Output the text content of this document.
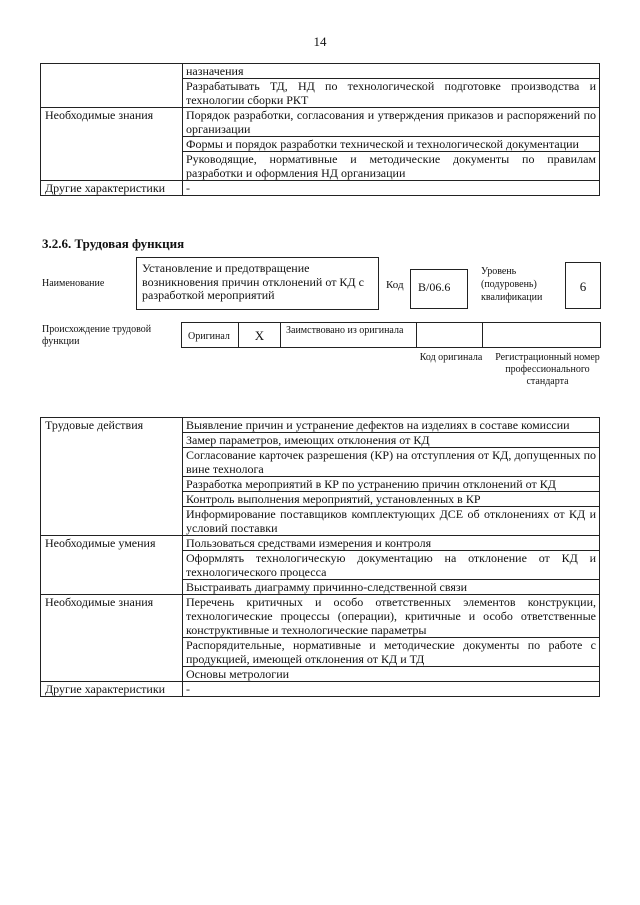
14
	назначения
	Разрабатывать ТД, НД по технологической подготовке производства и технологии сборки РКТ
Необходимые знания	Порядок разработки, согласования и утверждения приказов и распоряжений по организации
	Формы и порядок разработки технической и технологической документации
	Руководящие, нормативные и методические документы по правилам разработки и оформления НД организации
Другие характеристики	-
3.2.6. Трудовая функция
Наименование
Установление и предотвращение возникновения причин отклонений от КД с разработкой мероприятий
Код	B/06.6
Уровень (подуровень) квалификации
6
Происхождение трудовой функции	Оригинал	X	Заимствовано из оригинала
Код оригинала	Регистрационный номер профессионального стандарта
Трудовые действия	Выявление причин и устранение дефектов на изделиях в составе комиссии
	Замер параметров, имеющих отклонения от КД
	Согласование карточек разрешения (КР) на отступления от КД, допущенных по вине технолога
	Разработка мероприятий в КР по устранению причин отклонений от КД
	Контроль выполнения мероприятий, установленных в КР
	Информирование поставщиков комплектующих ДСЕ об отклонениях от КД и условий поставки
Необходимые умения	Пользоваться средствами измерения и контроля
	Оформлять технологическую документацию на отклонение от КД и технологического процесса
	Выстраивать диаграмму причинно-следственной связи
Необходимые знания	Перечень критичных и особо ответственных элементов конструкции, технологические процессы (операции), критичные и особо ответственные конструктивные и технологические параметры
	Распорядительные, нормативные и методические документы по работе с продукцией, имеющей отклонения от КД и ТД
	Основы метрологии
Другие характеристики	-
